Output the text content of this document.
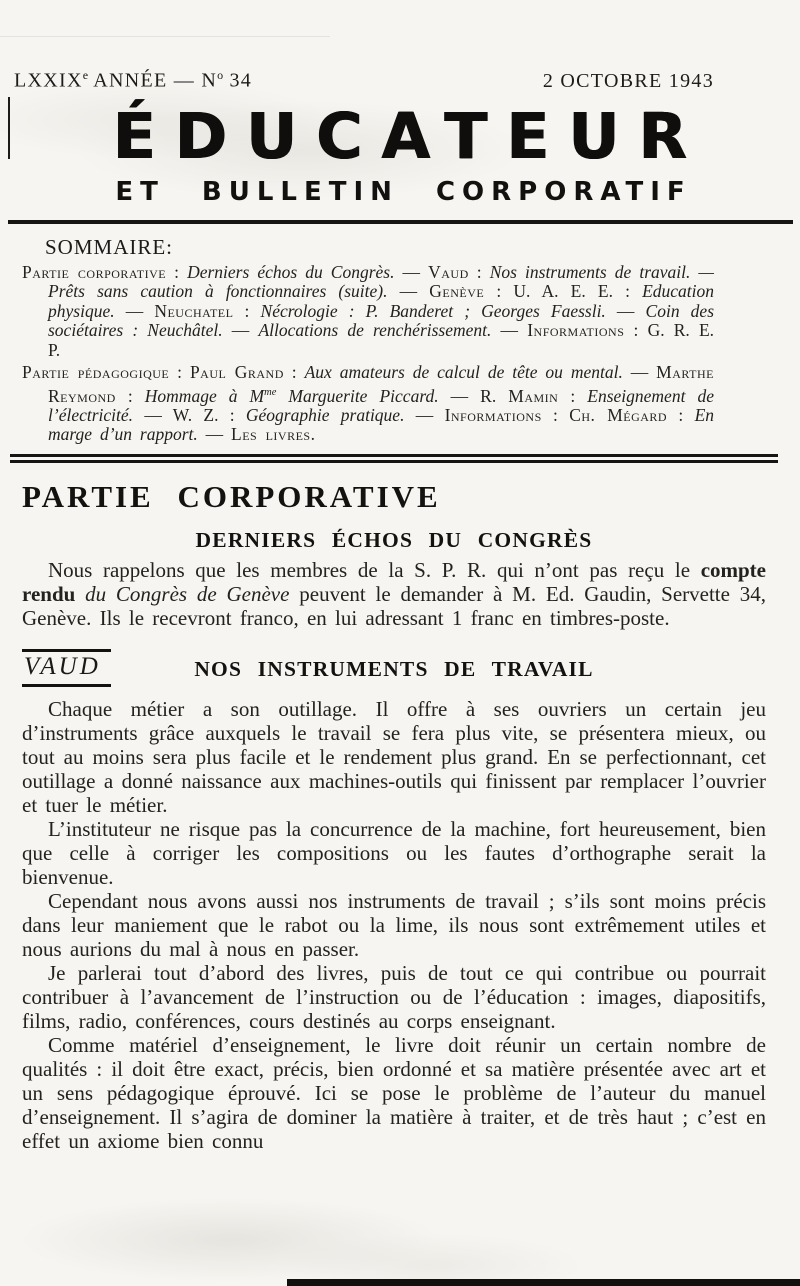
LXXIXe ANNÉE — $N^o$ 34	2 OCTOBRE 1943
ÉDUCATEUR
ET BULLETIN CORPORATIF
SOMMAIRE:

Partie corporative : Derniers échos du Congrès. — Vaud : Nos instruments de travail. — Prêts sans caution à fonctionnaires (suite). — Genève : U. A. E. E. : Education physique. — Neuchatel : Nécrologie : P. Banderet ; Georges Faessli. — Coin des sociétaires : Neuchâtel. — Allocations de renchérissement. — Informations : G. R. E. P.

Partie pédagogique : Paul Grand : Aux amateurs de calcul de tête ou mental. — Marthe Reymond : Hommage à $M^{me}$ Marguerite Piccard. — R. Mamin : Enseignement de l’électricité. — W. Z. : Géographie pratique. — Informations : Ch. Mégard : En marge d’un rapport. — Les livres.

PARTIE CORPORATIVE
DERNIERS ÉCHOS DU CONGRÈS

Nous rappelons que les membres de la S. P. R. qui n’ont pas reçu le compte rendu du Congrès de Genève peuvent le demander à M. Ed. Gaudin, Servette 34, Genève. Ils le recevront franco, en lui adressant 1 franc en timbres-poste.

VAUD	NOS INSTRUMENTS DE TRAVAIL

Chaque métier a son outillage. Il offre à ses ouvriers un certain jeu d’instruments grâce auxquels le travail se fera plus vite, se présentera mieux, ou tout au moins sera plus facile et le rendement plus grand. En se perfectionnant, cet outillage a donné naissance aux machines-outils qui finissent par remplacer l’ouvrier et tuer le métier.

L’instituteur ne risque pas la concurrence de la machine, fort heureusement, bien que celle à corriger les compositions ou les fautes d’orthographe serait la bienvenue.

Cependant nous avons aussi nos instruments de travail ; s’ils sont moins précis dans leur maniement que le rabot ou la lime, ils nous sont extrêmement utiles et nous aurions du mal à nous en passer.

Je parlerai tout d’abord des livres, puis de tout ce qui contribue ou pourrait contribuer à l’avancement de l’instruction ou de l’éducation : images, diapositifs, films, radio, conférences, cours destinés au corps enseignant.

Comme matériel d’enseignement, le livre doit réunir un certain nombre de qualités : il doit être exact, précis, bien ordonné et sa matière présentée avec art et un sens pédagogique éprouvé. Ici se pose le problème de l’auteur du manuel d’enseignement. Il s’agira de dominer la matière à traiter, et de très haut ; c’est en effet un axiome bien connu
